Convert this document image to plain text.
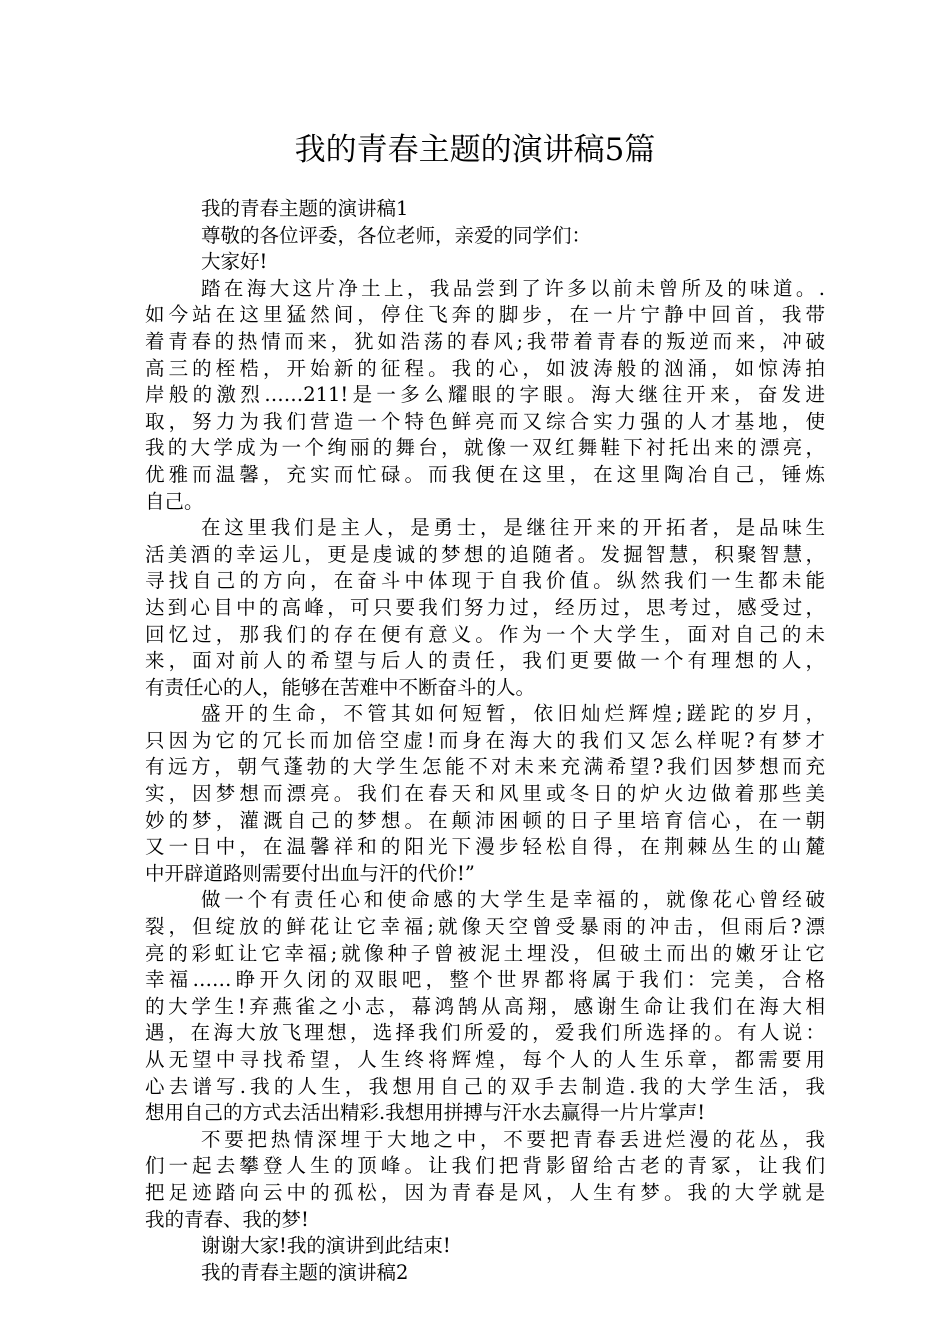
我的青春主题的演讲稿5篇
我的青春主题的演讲稿1
尊敬的各位评委，各位老师，亲爱的同学们：
大家好!
踏在海大这片净土上，我品尝到了许多以前未曾所及的味道。.
如今站在这里猛然间，停住飞奔的脚步，在一片宁静中回首，我带
着青春的热情而来，犹如浩荡的春风;我带着青春的叛逆而来，冲破
高三的桎梏，开始新的征程。我的心，如波涛般的汹涌，如惊涛拍
岸般的激烈……211!是一多么耀眼的字眼。海大继往开来，奋发进
取，努力为我们营造一个特色鲜亮而又综合实力强的人才基地，使
我的大学成为一个绚丽的舞台，就像一双红舞鞋下衬托出来的漂亮，
优雅而温馨，充实而忙碌。而我便在这里，在这里陶冶自己，锤炼
自己。
在这里我们是主人，是勇士，是继往开来的开拓者，是品味生
活美酒的幸运儿，更是虔诚的梦想的追随者。发掘智慧，积聚智慧，
寻找自己的方向，在奋斗中体现于自我价值。纵然我们一生都未能
达到心目中的高峰，可只要我们努力过，经历过，思考过，感受过，
回忆过，那我们的存在便有意义。作为一个大学生，面对自己的未
来，面对前人的希望与后人的责任，我们更要做一个有理想的人，
有责任心的人，能够在苦难中不断奋斗的人。
盛开的生命，不管其如何短暂，依旧灿烂辉煌;蹉跎的岁月，
只因为它的冗长而加倍空虚!而身在海大的我们又怎么样呢?有梦才
有远方，朝气蓬勃的大学生怎能不对未来充满希望?我们因梦想而充
实，因梦想而漂亮。我们在春天和风里或冬日的炉火边做着那些美
妙的梦，灌溉自己的梦想。在颠沛困顿的日子里培育信心，在一朝
又一日中，在温馨祥和的阳光下漫步轻松自得，在荆棘丛生的山麓
中开辟道路则需要付出血与汗的代价!”
做一个有责任心和使命感的大学生是幸福的，就像花心曾经破
裂，但绽放的鲜花让它幸福;就像天空曾受暴雨的冲击，但雨后?漂
亮的彩虹让它幸福;就像种子曾被泥土埋没，但破土而出的嫩牙让它
幸福……睁开久闭的双眼吧，整个世界都将属于我们：完美，合格
的大学生!弃燕雀之小志，幕鸿鹄从高翔，感谢生命让我们在海大相
遇，在海大放飞理想，选择我们所爱的，爱我们所选择的。有人说：
从无望中寻找希望，人生终将辉煌，每个人的人生乐章，都需要用
心去谱写.我的人生，我想用自己的双手去制造.我的大学生活，我
想用自己的方式去活出精彩.我想用拼搏与汗水去赢得一片片掌声!
不要把热情深埋于大地之中，不要把青春丢进烂漫的花丛，我
们一起去攀登人生的顶峰。让我们把背影留给古老的青冢，让我们
把足迹踏向云中的孤松，因为青春是风，人生有梦。我的大学就是
我的青春、我的梦!
谢谢大家!我的演讲到此结束!
我的青春主题的演讲稿2
